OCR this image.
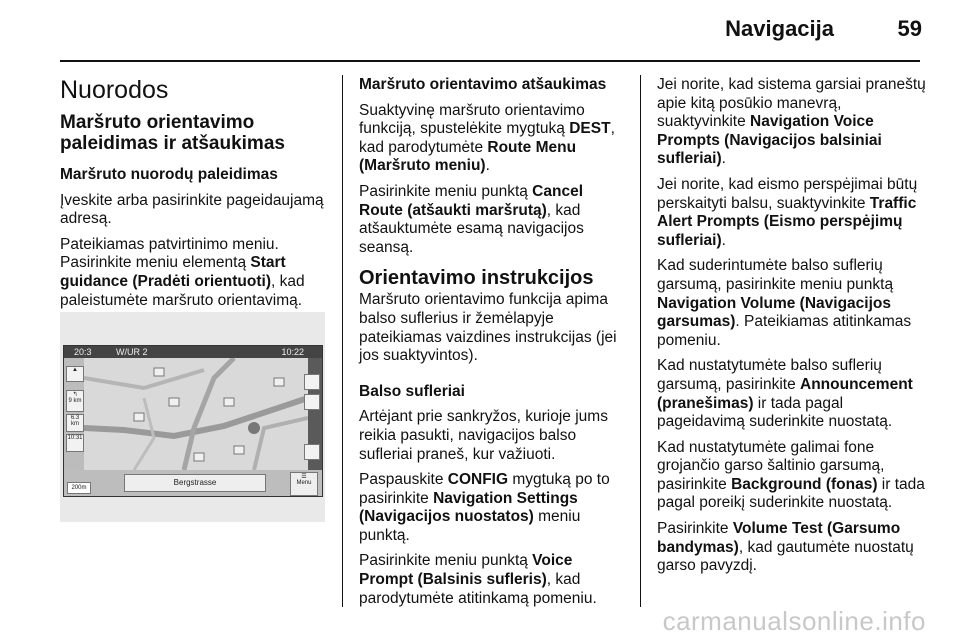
Navigacija	59
Nuorodos
Maršruto orientavimo paleidimas ir atšaukimas

Maršruto nuorodų paleidimas

Įveskite arba pasirinkite pageidaujamą adresą.

Pateikiamas patvirtinimo meniu. Pasirinkite meniu elementą Start guidance (Pradėti orientuoti), kad paleistumėte maršruto orientavimą.

20:3	W/UR 2	10:22
↰
9 km
6.3 km
10:31
▲
200m
Bergstrasse
☰
Menu

Maršruto orientavimo atšaukimas

Suaktyvinę maršruto orientavimo funkciją, spustelėkite mygtuką DEST, kad parodytumėte Route Menu (Maršruto meniu).

Pasirinkite meniu punktą Cancel Route (atšaukti maršrutą), kad atšauktumėte esamą navigacijos seansą.

Orientavimo instrukcijos

Maršruto orientavimo funkcija apima balso suflerius ir žemėlapyje pateikiamas vaizdines instrukcijas (jei jos suaktyvintos).

Balso sufleriai

Artėjant prie sankryžos, kurioje jums reikia pasukti, navigacijos balso sufleriai praneš, kur važiuoti.

Paspauskite CONFIG mygtuką po to pasirinkite Navigation Settings (Navigacijos nuostatos) meniu punktą.

Pasirinkite meniu punktą Voice Prompt (Balsinis sufleris), kad parodytumėte atitinkamą pomeniu.

Jei norite, kad sistema garsiai praneštų apie kitą posūkio manevrą, suaktyvinkite Navigation Voice Prompts (Navigacijos balsiniai sufleriai).

Jei norite, kad eismo perspėjimai būtų perskaityti balsu, suaktyvinkite Traffic Alert Prompts (Eismo perspėjimų sufleriai).

Kad suderintumėte balso suflerių garsumą, pasirinkite meniu punktą Navigation Volume (Navigacijos garsumas). Pateikiamas atitinkamas pomeniu.

Kad nustatytumėte balso suflerių garsumą, pasirinkite Announcement (pranešimas) ir tada pagal pageidavimą suderinkite nuostatą.

Kad nustatytumėte galimai fone grojančio garso šaltinio garsumą, pasirinkite Background (fonas) ir tada pagal poreikį suderinkite nuostatą.

Pasirinkite Volume Test (Garsumo bandymas), kad gautumėte nuostatų garso pavyzdį.

carmanualsonline.info
